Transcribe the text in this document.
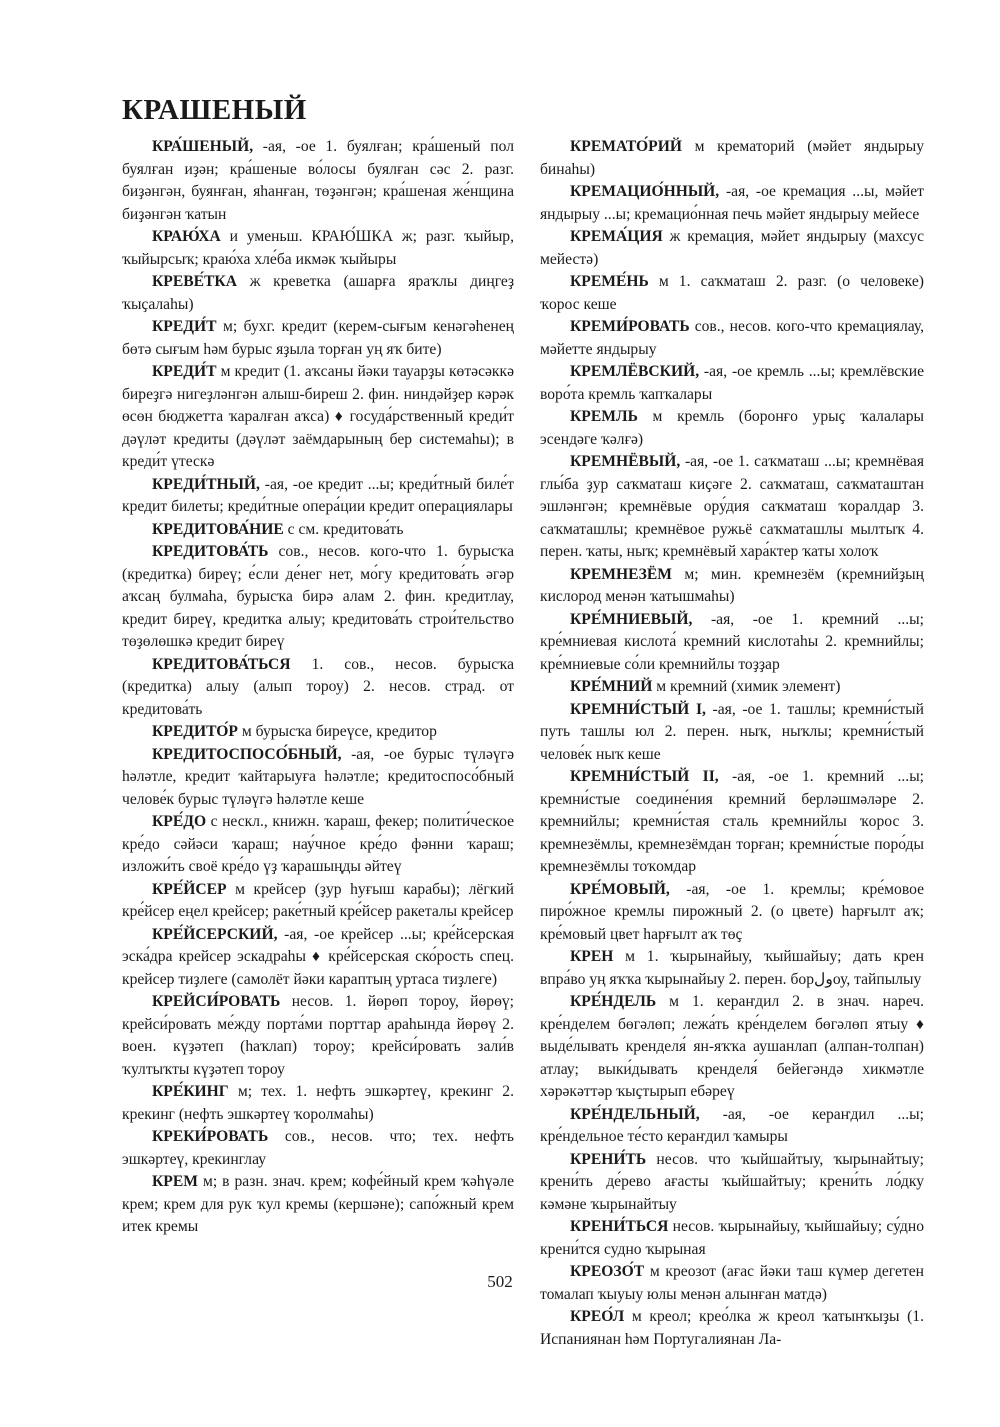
КРАШЕНЫЙ

КРА́ШЕНЫЙ, -ая, -ое 1. буялған; кра́шеный пол буялған иҙән; кра́шеные во́лосы буялған сәс 2. разг. биҙәнгән, буянған, яһанған, төҙәнгән; кра́шеная же́нщина биҙәнгән ҡатын

КРАЮ́ХА и уменьш. КРАЮ́ШКА ж; разг. ҡыйыр, ҡыйырсыҡ; краю́ха хле́ба икмәк ҡыйыры

КРЕВЕ́ТКА ж креветка (ашарға яраҡлы диңгеҙ ҡыҫалаһы)

КРЕДИ́Т м; бухг. кредит (керем-сығым кенәгәһенең бөтә сығым һәм бурыс яҙыла торған уң яҡ бите)

КРЕДИ́Т м кредит (1. аҡсаны йәки тауарҙы көтәсәккә биреҙгә нигеҙләнгән алыш-биреш 2. фин. ниндәйҙер кәрәк өсөн бюджетта ҡаралған аҡса) ♦ госуда́рственный креди́т дәүләт кредиты (дәүләт заёмдарының бер системаһы); в креди́т үтескә

КРЕДИ́ТНЫЙ, -ая, -ое кредит ...ы; креди́тный биле́т кредит билеты; креди́тные опера́ции кредит операциялары

КРЕДИТОВА́НИЕ с см. кредитова́ть

КРЕДИТОВА́ТЬ сов., несов. кого-что 1. бурысҡа (кредитка) биреү; е́сли де́нег нет, мо́гу кредитова́ть әгәр аҡсаң булмаһа, бурысҡа бирә алам 2. фин. кредитлау, кредит биреү, кредитка алыу; кредитова́ть строи́тельство төҙөлөшкә кредит биреү

КРЕДИТОВА́ТЬСЯ 1. сов., несов. бурысҡа (кредитка) алыу (алып тороу) 2. несов. страд. от кредитова́ть

КРЕДИТО́Р м бурысҡа биреүсе, кредитор

КРЕДИТОСПОСО́БНЫЙ, -ая, -ое бурыс түләүгә һәләтле, кредит ҡайтарыуға һәләтле; кредитоспосо́бный челове́к бурыс түләүгә һәләтле кеше

КРЕ́ДО с нескл., книжн. ҡараш, фекер; полити́ческое кре́до сәйәси ҡараш; нау́чное кре́до фәнни ҡараш; изложи́ть своё кре́до үҙ ҡарашыңды әйтеү

КРЕ́ЙСЕР м крейсер (ҙур һуғыш карабы); лёгкий кре́йсер еңел крейсер; раке́тный кре́йсер ракеталы крейсер

КРЕ́ЙСЕРСКИЙ, -ая, -ое крейсер ...ы; кре́йсерская эска́дра крейсер эскадраһы ♦ кре́йсерская ско́рость спец. крейсер тиҙлеге (самолёт йәки карaптың уртаса тиҙлеге)

КРЕЙСИ́РОВАТЬ несов. 1. йөрөп тороу, йөрөү; крейси́ровать ме́жду порта́ми порттар араһында йөрөү 2. воен. күҙәтеп (һаҡлап) тороу; крейси́ровать зали́в ҡултыҡты күҙәтеп тороу

КРЕ́КИНГ м; тех. 1. нефть эшкәртеү, крекинг 2. крекинг (нефть эшкәртеү ҡоролмаһы)

КРЕКИ́РОВАТЬ сов., несов. что; тех. нефть эшкәртеү, крекинглау

КРЕМ м; в разн. знач. крем; кофе́йный крем ҡәһүәле крем; крем для рук ҡул кремы (кершәне); сапо́жный крем итек кремы

КРЕМАТО́РИЙ м крематорий (мәйет яндырыу бинаһы)

КРЕМАЦИО́ННЫЙ, -ая, -ое кремация ...ы, мәйет яндырыу ...ы; кремацио́нная печь мәйет яндырыу мейесе

КРЕМА́ЦИЯ ж кремация, мәйет яндырыу (махсус мейестә)

КРЕМЕ́НЬ м 1. саҡматаш 2. разг. (о человеке) ҡорос кеше

КРЕМИ́РОВАТЬ сов., несов. кого-что кремациялау, мәйетте яндырыу

КРЕМЛЁВСКИЙ, -ая, -ое кремль ...ы; кремлёвские воро́та кремль ҡапҡалары

КРЕМЛЬ м кремль (боронғо урыҫ ҡалалары эсендәге ҡәлғә)

КРЕМНЁВЫЙ, -ая, -ое 1. саҡматаш ...ы; кремнёвая глы́ба ҙур саҡматаш киҫәге 2. саҡматаш, саҡматаштан эшләнгән; кремнёвые ору́дия саҡматаш ҡоралдар 3. саҡматашлы; кремнёвое ружьё саҡматашлы мылтыҡ 4. перен. ҡаты, ныҡ; кремнёвый хара́ктер ҡаты холоҡ

КРЕМНЕЗЁМ м; мин. кремнезём (кремнийҙың кислород менән ҡатышмаһы)

КРЕ́МНИЕВЫЙ, -ая, -ое 1. кремний ...ы; кре́мниевая кислота́ кремний кислотаһы 2. кремнийлы; кре́мниевые со́ли кремнийлы тоҙҙар

КРЕ́МНИЙ м кремний (химик элемент)

КРЕМНИ́СТЫЙ I, -ая, -ое 1. ташлы; кремни́стый путь ташлы юл 2. перен. ныҡ, ныҡлы; кремни́стый челове́к ныҡ кеше

КРЕМНИ́СТЫЙ II, -ая, -ое 1. кремний ...ы; кремни́стые соедине́ния кремний берләшмәләре 2. кремнийлы; кремни́стая сталь кремнийлы ҡорос 3. кремнезёмлы, кремнезёмдан торған; кремни́стые поро́ды кремнезёмлы тоҡомдар

КРЕ́МОВЫЙ, -ая, -ое 1. кремлы; кре́мовое пиро́жное кремлы пирожный 2. (о цвете) һарғылт аҡ; кре́мовый цвет һарғылт аҡ төҫ

КРЕН м 1. ҡырынайыу, ҡыйшайыу; дать крен впра́во уң яҡҡа ҡырынайыу 2. перен. борولоу, тайпылыу

КРЕ́НДЕЛЬ м 1. кераҥдил 2. в знач. нареч. кре́нделем бөгәлөп; лежа́ть кре́нделем бөгәлөп ятыу ♦ выде́лывать кренделя́ ян-яҡҡа аушанлап (алпан-толпан) атлау; выки́дывать кренделя́ бейегәндә хикмәтле хәрәкәттәр ҡыҫтырып ебәреү

КРЕ́НДЕЛЬНЫЙ, -ая, -ое кераҥдил ...ы; кре́ндельное те́сто кераҥдил ҡамыры

КРЕНИ́ТЬ несов. что ҡыйшайтыу, ҡырынайтыу; крени́ть де́рево ағасты ҡыйшайтыу; крени́ть ло́дку кәмәне ҡырынайтыу

КРЕНИ́ТЬСЯ несов. ҡырынайыу, ҡыйшайыу; су́дно крени́тся судно ҡырыная

КРЕОЗО́Т м креозот (ағас йәки таш күмер дегетен томалап ҡыуыу юлы менән алынған матдә)

КРЕО́Л м креол; крео́лка ж креол ҡатынҡыҙы (1. Испаниянан һәм Португалиянан Ла-

502
